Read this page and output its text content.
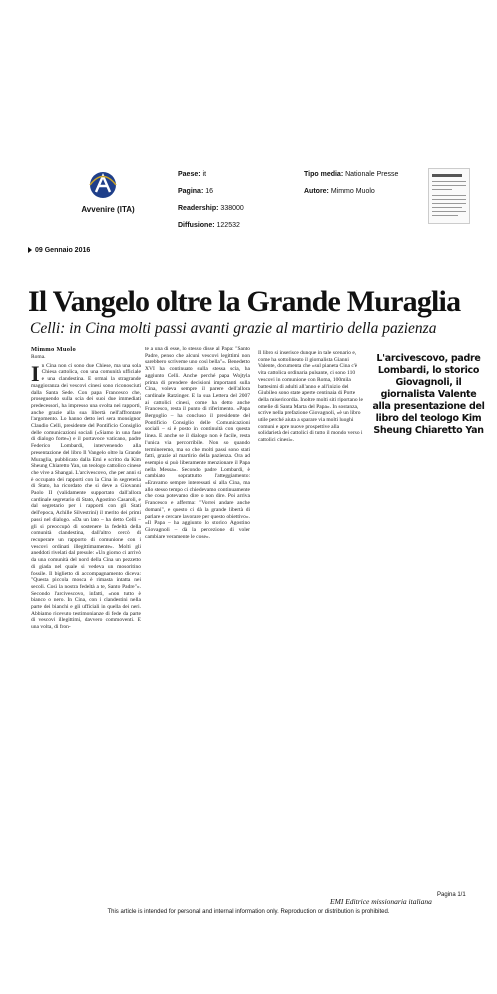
Avvenire (ITA)
Paese: it
Pagina: 16
Readership: 338000
Diffusione: 122532
Tipo media: Nationale Presse
Autore: Mimmo Muolo
09 Gennaio 2016
Il Vangelo oltre la Grande Muraglia
Celli: in Cina molti passi avanti grazie al martirio della pazienza
Mimmo Muolo
Roma.
I n Cina non ci sono due Chiese, ma una sola Chiesa cattolica, con una comunità ufficiale e una clandestina. E ormai la stragrande maggioranza dei vescovi cinesi sono riconosciuti dalla Santa Sede. Con papa Francesco che, proseguendo sulla scia dei suoi due immediati predecessori, ha impresso una svolta nei rapporti, anche grazie alla sua libertà nell'affrontare l'argomento. Lo hanno detto ieri sera monsignor Claudio Celli, presidente del Pontificio Consiglio delle comunicazioni sociali («Siamo in una fase di dialogo forte») e il portavoce vaticano, padre Federico Lombardi, intervenendo alla presentazione del libro Il Vangelo oltre la Grande Muraglia, pubblicato dalla Emi e scritto da Kim Sheung Chiaretto Yan, un teologo cattolico cinese che vive a Shangai. L'arcivescovo, che per anni si è occupato dei rapporti con la Cina in segreteria di Stato, ha ricordato che si deve a Giovanni Paolo II (validamente supportato dall'allora cardinale segretario di Stato, Agostino Casaroli, e dal segretario per i rapporti con gli Stati dell'epoca, Achille Silvestrini) il merito dei primi passi nel dialogo. «Da un lato – ha detto Celli – gli si preoccupò di sostenere la fedeltà della comunità clandestina, dall'altro cercò di recuperare un rapporto di comunione con i vescovi ordinati illegittimamente». Molti gli aneddoti rivelati dal presule: «Un giorno ci arrivò da una comunità del nord della Cina un pezzetto di giada nel quale si vedeva un mosoritino fossile. Il biglietto di accompagnamento diceva: "Questa piccola mosca è rimasta intatta nei secoli. Così la nostra fedeltà a te, Santo Padre"». Secondo l'arcivescovo, infatti, «non tutto è bianco o nero. In Cina, con i clandestini nella parte dei bianchi e gli ufficiali in quella dei neri. Abbiamo ricevuto testimonianze di fede da parte di vescovi illegittimi, davvero commoventi. E una volta, di fron-
te a una di esse, lo stesso disse al Papa: "Santo Padre, penso che alcuni vescovi legittimi non sarebbero scriveme uno così bella"». Benedetto XVI ha continuato sulla stessa scia, ha aggiunto Celli. Anche perché papa Wojtyla prima di prendere decisioni importanti sulla Cina, voleva sempre il parere dell'allora cardinale Ratzinger. E la sua Lettera del 2007 ai cattolici cinesi, come ha detto anche Francesco, resta il punto di riferimento. «Papa Bergoglio – ha concluso il presidente del Pontificio Consiglio delle Comunicazioni sociali – si è posto in continuità con questa linea. E anche se il dialogo non è facile, resta l'unica via percorribile. Non so quando termineremo, ma so che molti passi sono stati fatti, grazie al martirio della pazienza. Ora ad esempio si può liberamente menzionare il Papa nella Messa». Secondo padre Lombardi, è cambiato soprattutto l'atteggiamento: «Eravamo sempre interessati sì alla Cina, ma allo stesso tempo ci chiedevamo continuamente che cosa potevamo dire o non dire. Poi arriva Francesco e afferma: "Vorrei andare anche domani", e questo ci dà la grande libertà di parlare e cercare lavorare per questo obiettivo». «Il Papa – ha aggiunto lo storico Agostino Giovagnoli – dà la percezione di voler cambiare veramente le cose».
Il libro si inserisce dunque in tale scenario e, come ha sottolineato il giornalista Gianni Valente, documenta che «sul pianeta Cina c'è vita cattolica ordinaria pulsante, ci sono 110 vescovi in comunione con Roma, 100mila battesimi di adulti all'anno e all'inizio del Giubileo sono state aperte centinaia di Porte della misericordia. Inoltre molti siti riportano le omelie di Santa Marta del Papa». In sostanza, scrive nella prefazione Giovagnoli, «è un libro utile perché aiuta a sparare via molti luoghi comuni e apre nuove prospettive alla solidarietà dei cattolici di tutto il mondo verso i cattolici cinesi».
L'arcivescovo, padre Lombardi, lo storico Giovagnoli, il giornalista Valente alla presentazione del libro del teologo Kim Sheung Chiaretto Yan
Pagina 1/1
EMI Editrice missionaria italiana
This article is intended for personal and internal information only. Reproduction or distribution is prohibited.
